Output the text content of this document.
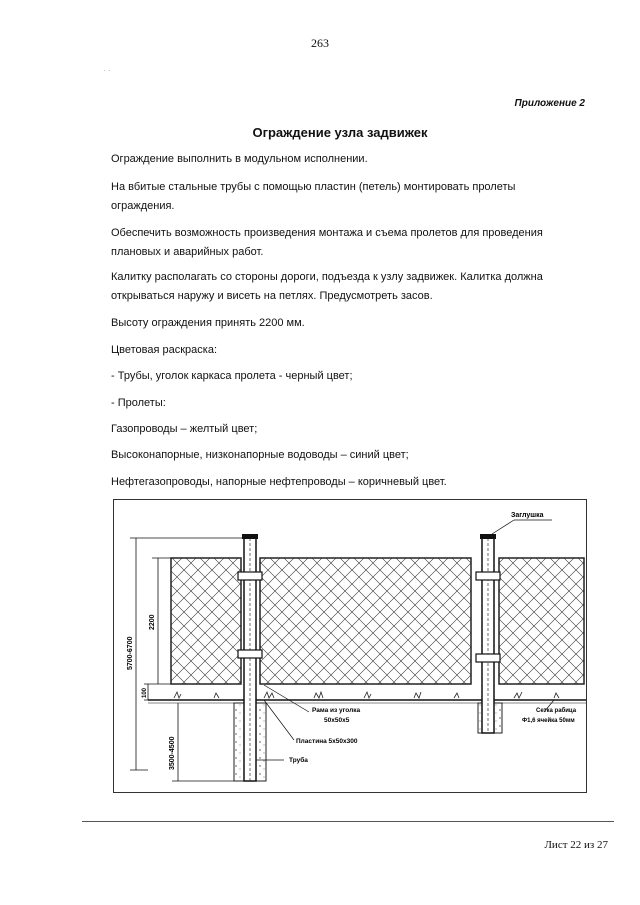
263
· ·
Приложение 2
Ограждение узла задвижек
Ограждение выполнить в модульном исполнении.
На вбитые стальные трубы с помощью пластин (петель) монтировать пролеты ограждения.
Обеспечить возможность произведения монтажа и съема пролетов для проведения плановых и аварийных работ.
Калитку располагать со стороны дороги, подъезда к узлу задвижек. Калитка должна открываться наружу и висеть на петлях. Предусмотреть засов.
Высоту ограждения принять 2200 мм.
Цветовая раскраска:
- Трубы, уголок каркаса пролета - черный цвет;
- Пролеты:
Газопроводы – желтый цвет;
Высоконапорные, низконапорные водоводы – синий цвет;
Нефтегазопроводы, напорные нефтепроводы – коричневый цвет.
5700-6700
2200
100
3500-4500
Заглушка
Рама из уголка
50х50х5
Пластина 5х50х300
Труба
Сетка рабица
Ф1,6 ячейка 50мм
Лист 22 из 27
